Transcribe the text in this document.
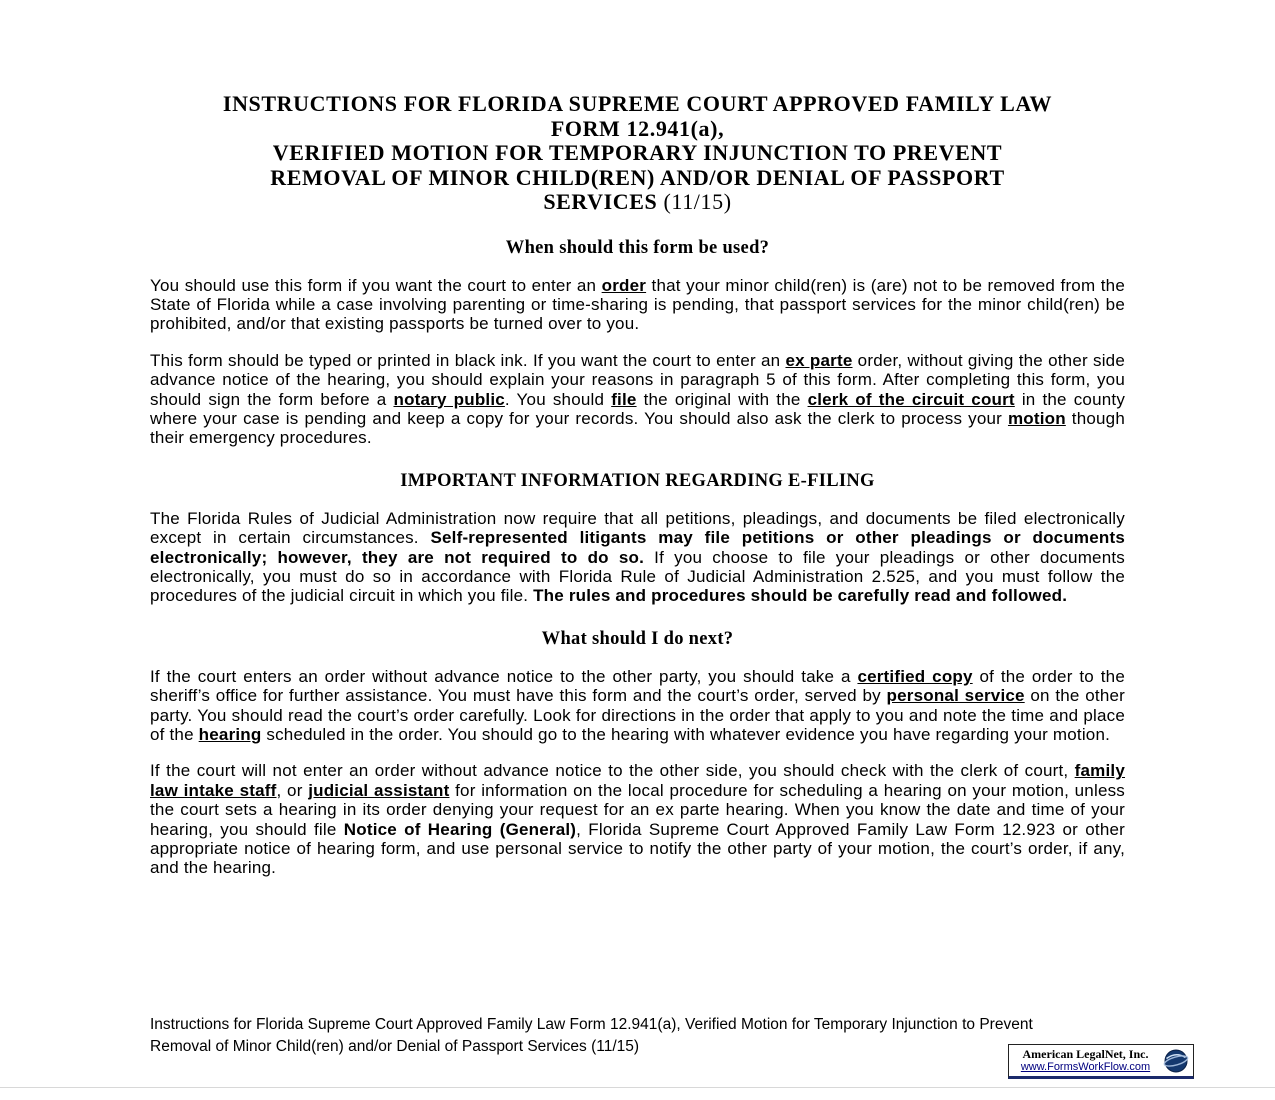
INSTRUCTIONS FOR FLORIDA SUPREME COURT APPROVED FAMILY LAW
FORM 12.941(a),
VERIFIED MOTION FOR TEMPORARY INJUNCTION TO PREVENT
REMOVAL OF MINOR CHILD(REN) AND/OR DENIAL OF PASSPORT
SERVICES (11/15)
When should this form be used?

You should use this form if you want the court to enter an order that your minor child(ren) is (are) not to be removed from the State of Florida while a case involving parenting or time-sharing is pending, that passport services for the minor child(ren) be prohibited, and/or that existing passports be turned over to you.

This form should be typed or printed in black ink. If you want the court to enter an ex parte order, without giving the other side advance notice of the hearing, you should explain your reasons in paragraph 5 of this form. After completing this form, you should sign the form before a notary public. You should file the original with the clerk of the circuit court in the county where your case is pending and keep a copy for your records. You should also ask the clerk to process your motion though their emergency procedures.

IMPORTANT INFORMATION REGARDING E-FILING

The Florida Rules of Judicial Administration now require that all petitions, pleadings, and documents be filed electronically except in certain circumstances. Self-represented litigants may file petitions or other pleadings or documents electronically; however, they are not required to do so. If you choose to file your pleadings or other documents electronically, you must do so in accordance with Florida Rule of Judicial Administration 2.525, and you must follow the procedures of the judicial circuit in which you file. The rules and procedures should be carefully read and followed.

What should I do next?

If the court enters an order without advance notice to the other party, you should take a certified copy of the order to the sheriff’s office for further assistance. You must have this form and the court’s order, served by personal service on the other party. You should read the court’s order carefully. Look for directions in the order that apply to you and note the time and place of the hearing scheduled in the order. You should go to the hearing with whatever evidence you have regarding your motion.

If the court will not enter an order without advance notice to the other side, you should check with the clerk of court, family law intake staff, or judicial assistant for information on the local procedure for scheduling a hearing on your motion, unless the court sets a hearing in its order denying your request for an ex parte hearing. When you know the date and time of your hearing, you should file Notice of Hearing (General), Florida Supreme Court Approved Family Law Form 12.923 or other appropriate notice of hearing form, and use personal service to notify the other party of your motion, the court’s order, if any, and the hearing.

Instructions for Florida Supreme Court Approved Family Law Form 12.941(a), Verified Motion for Temporary Injunction to Prevent Removal of Minor Child(ren) and/or Denial of Passport Services (11/15)	American LegalNet, Inc.
www.FormsWorkFlow.com
